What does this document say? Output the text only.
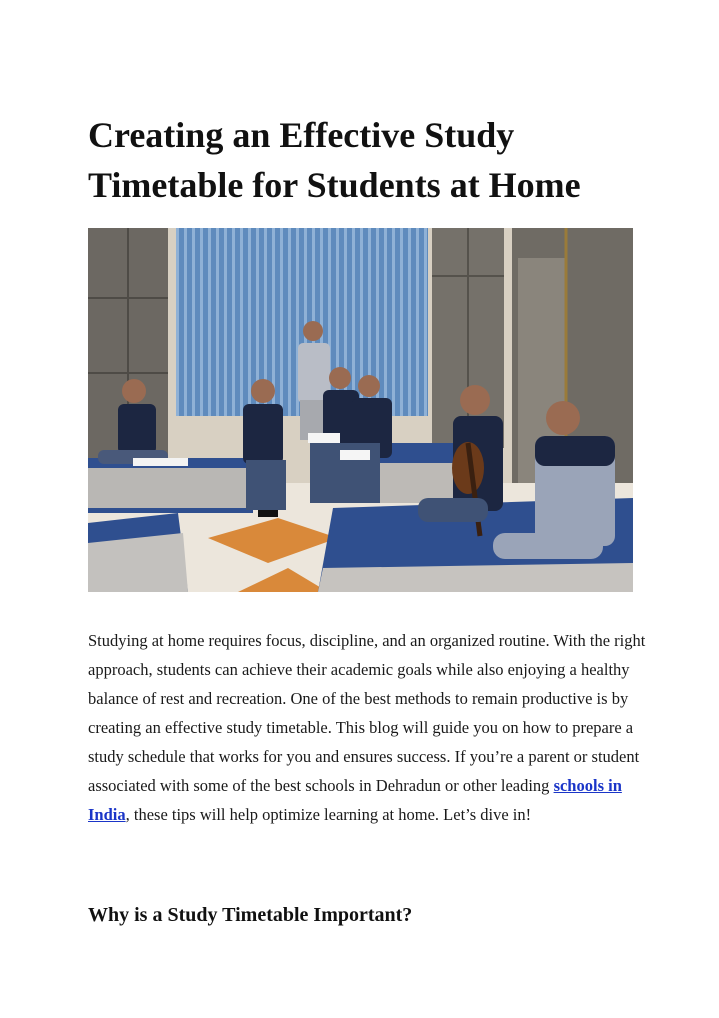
Creating an Effective Study Timetable for Students at Home

Studying at home requires focus, discipline, and an organized routine. With the right approach, students can achieve their academic goals while also enjoying a healthy balance of rest and recreation. One of the best methods to remain productive is by creating an effective study timetable. This blog will guide you on how to prepare a study schedule that works for you and ensures success. If you’re a parent or student associated with some of the best schools in Dehradun or other leading schools in India, these tips will help optimize learning at home. Let’s dive in!

Why is a Study Timetable Important?
